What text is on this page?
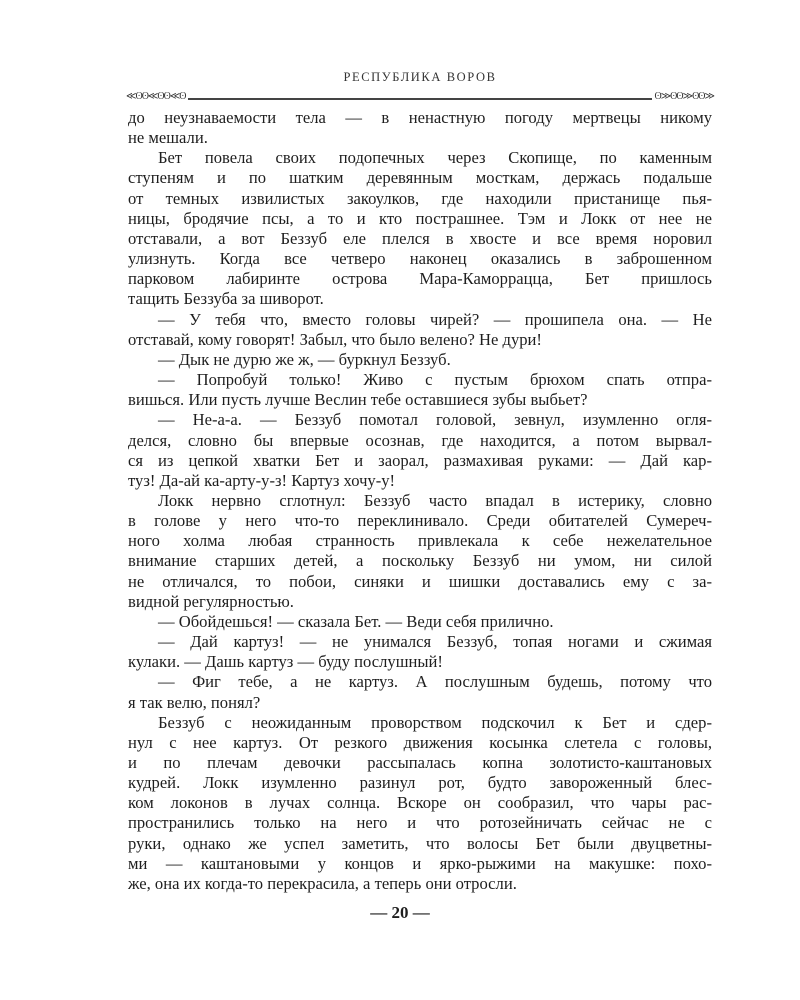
РЕСПУБЛИКА ВОРОВ
≪ʘʘ≪ʘʘ≪ʘ	ʘ≫ʘʘ≫ʘʘ≫
до неузнаваемости тела — в ненастную погоду мертвецы никому
не мешали.
Бет повела своих подопечных через Скопище, по каменным
ступеням и по шатким деревянным мосткам, держась подальше
от темных извилистых закоулков, где находили пристанище пья-
ницы, бродячие псы, а то и кто пострашнее. Тэм и Локк от нее не
отставали, а вот Беззуб еле плелся в хвосте и все время норовил
улизнуть. Когда все четверо наконец оказались в заброшенном
парковом лабиринте острова Мара-Каморрацца, Бет пришлось
тащить Беззуба за шиворот.
— У тебя что, вместо головы чирей? — прошипела она. — Не
отставай, кому говорят! Забыл, что было велено? Не дури!
— Дык не дурю же ж, — буркнул Беззуб.
— Попробуй только! Живо с пустым брюхом спать отпра-
вишься. Или пусть лучше Веслин тебе оставшиеся зубы выбьет?
— Не-а-а. — Беззуб помотал головой, зевнул, изумленно огля-
делся, словно бы впервые осознав, где находится, а потом вырвал-
ся из цепкой хватки Бет и заорал, размахивая руками: — Дай кар-
туз! Да-ай ка-арту-у-з! Картуз хочу-у!
Локк нервно сглотнул: Беззуб часто впадал в истерику, словно
в голове у него что-то переклинивало. Среди обитателей Сумереч-
ного холма любая странность привлекала к себе нежелательное
внимание старших детей, а поскольку Беззуб ни умом, ни силой
не отличался, то побои, синяки и шишки доставались ему с за-
видной регулярностью.
— Обойдешься! — сказала Бет. — Веди себя прилично.
— Дай картуз! — не унимался Беззуб, топая ногами и сжимая
кулаки. — Дашь картуз — буду послушный!
— Фиг тебе, а не картуз. А послушным будешь, потому что
я так велю, понял?
Беззуб с неожиданным проворством подскочил к Бет и сдер-
нул с нее картуз. От резкого движения косынка слетела с головы,
и по плечам девочки рассыпалась копна золотисто-каштановых
кудрей. Локк изумленно разинул рот, будто завороженный блес-
ком локонов в лучах солнца. Вскоре он сообразил, что чары рас-
пространились только на него и что ротозейничать сейчас не с
руки, однако же успел заметить, что волосы Бет были двуцветны-
ми — каштановыми у концов и ярко-рыжими на макушке: похо-
же, она их когда-то перекрасила, а теперь они отросли.
— 20 —
